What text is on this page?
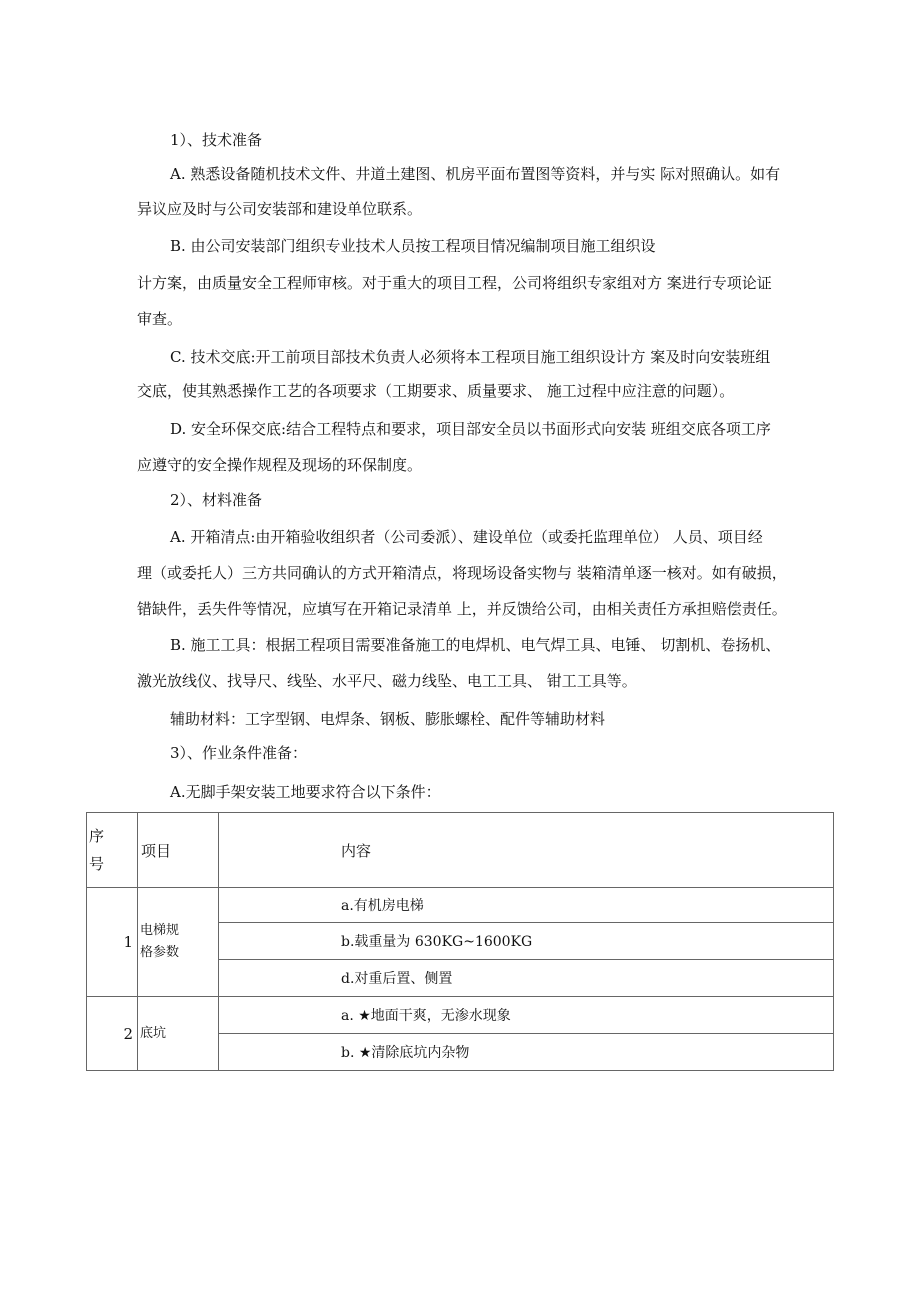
1）、技术准备
A. 熟悉设备随机技术文件、井道土建图、机房平面布置图等资料，并与实 际对照确认。如有
异议应及时与公司安装部和建设单位联系。
B. 由公司安装部门组织专业技术人员按工程项目情况编制项目施工组织设
计方案，由质量安全工程师审核。对于重大的项目工程，公司将组织专家组对方 案进行专项论证
审查。
C. 技术交底:开工前项目部技术负责人必须将本工程项目施工组织设计方 案及时向安装班组
交底，使其熟悉操作工艺的各项要求（工期要求、质量要求、 施工过程中应注意的问题）。
D. 安全环保交底:结合工程特点和要求，项目部安全员以书面形式向安装 班组交底各项工序
应遵守的安全操作规程及现场的环保制度。
2）、材料准备
A. 开箱清点:由开箱验收组织者（公司委派）、建设单位（或委托监理单位） 人员、项目经
理（或委托人）三方共同确认的方式开箱清点，将现场设备实物与 装箱清单逐一核对。如有破损，
错缺件，丢失件等情况，应填写在开箱记录清单 上，并反馈给公司，由相关责任方承担赔偿责任。
B. 施工工具：根据工程项目需要准备施工的电焊机、电气焊工具、电锤、 切割机、卷扬机、
激光放线仪、找导尺、线坠、水平尺、磁力线坠、电工工具、 钳工工具等。
辅助材料：工字型钢、电焊条、钢板、膨胀螺栓、配件等辅助材料
3）、作业条件准备：
A.无脚手架安装工地要求符合以下条件：
序
号	项目	内容

1	电梯规
格参数	a.有机房电梯

		b.载重量为 630KG~1600KG

		d.对重后置、侧置

2	底坑	a. ★地面干爽，无渗水现象

		b. ★清除底坑内杂物
